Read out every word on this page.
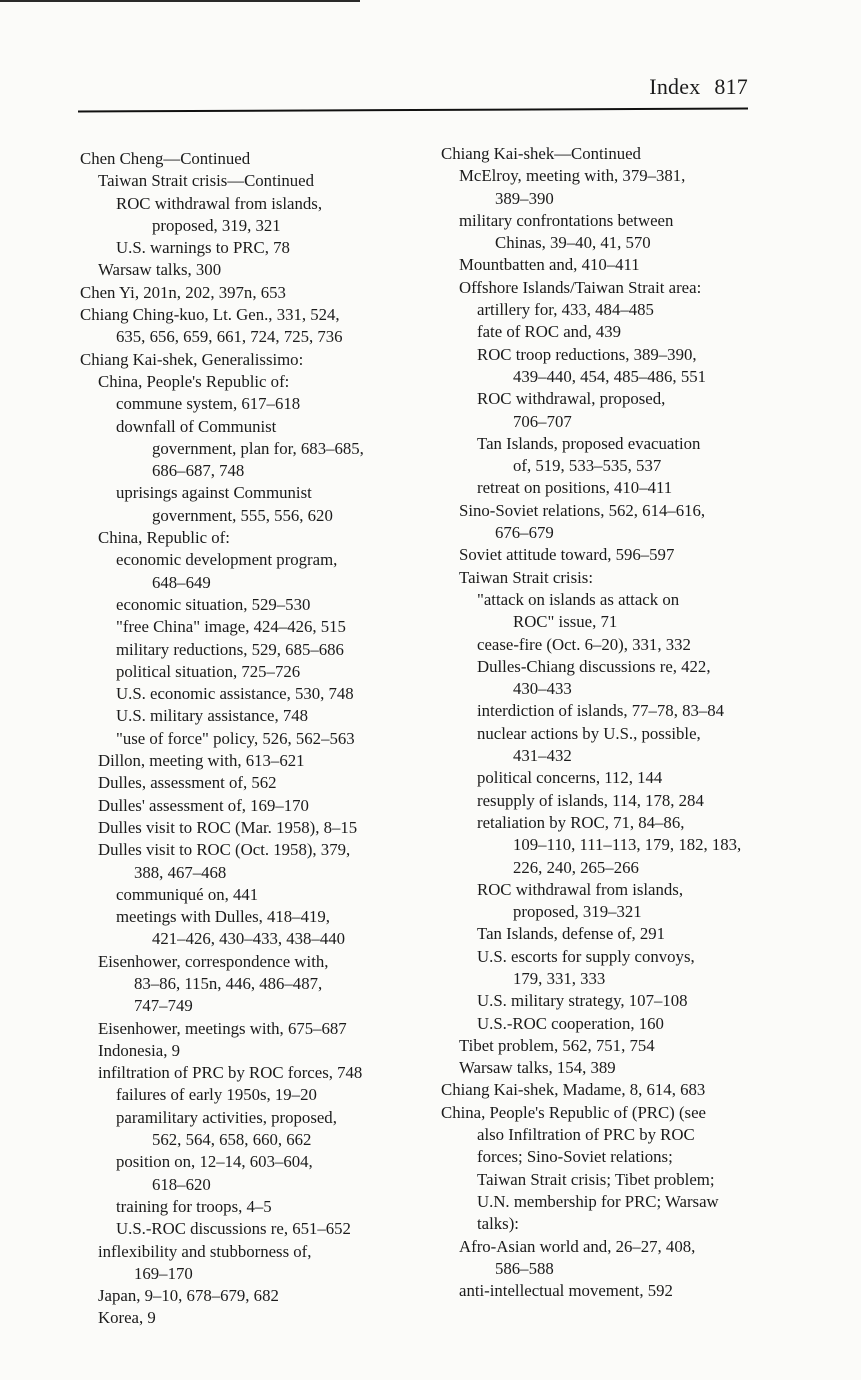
Index 817
Chen Cheng—Continued
Taiwan Strait crisis—Continued
ROC withdrawal from islands,
proposed, 319, 321
U.S. warnings to PRC, 78
Warsaw talks, 300
Chen Yi, 201n, 202, 397n, 653
Chiang Ching-kuo, Lt. Gen., 331, 524,
635, 656, 659, 661, 724, 725, 736
Chiang Kai-shek, Generalissimo:
China, People's Republic of:
commune system, 617–618
downfall of Communist
government, plan for, 683–685,
686–687, 748
uprisings against Communist
government, 555, 556, 620
China, Republic of:
economic development program,
648–649
economic situation, 529–530
"free China" image, 424–426, 515
military reductions, 529, 685–686
political situation, 725–726
U.S. economic assistance, 530, 748
U.S. military assistance, 748
"use of force" policy, 526, 562–563
Dillon, meeting with, 613–621
Dulles, assessment of, 562
Dulles' assessment of, 169–170
Dulles visit to ROC (Mar. 1958), 8–15
Dulles visit to ROC (Oct. 1958), 379,
388, 467–468
communiqué on, 441
meetings with Dulles, 418–419,
421–426, 430–433, 438–440
Eisenhower, correspondence with,
83–86, 115n, 446, 486–487,
747–749
Eisenhower, meetings with, 675–687
Indonesia, 9
infiltration of PRC by ROC forces, 748
failures of early 1950s, 19–20
paramilitary activities, proposed,
562, 564, 658, 660, 662
position on, 12–14, 603–604,
618–620
training for troops, 4–5
U.S.-ROC discussions re, 651–652
inflexibility and stubborness of,
169–170
Japan, 9–10, 678–679, 682
Korea, 9
Chiang Kai-shek—Continued
McElroy, meeting with, 379–381,
389–390
military confrontations between
Chinas, 39–40, 41, 570
Mountbatten and, 410–411
Offshore Islands/Taiwan Strait area:
artillery for, 433, 484–485
fate of ROC and, 439
ROC troop reductions, 389–390,
439–440, 454, 485–486, 551
ROC withdrawal, proposed,
706–707
Tan Islands, proposed evacuation
of, 519, 533–535, 537
retreat on positions, 410–411
Sino-Soviet relations, 562, 614–616,
676–679
Soviet attitude toward, 596–597
Taiwan Strait crisis:
"attack on islands as attack on
ROC" issue, 71
cease-fire (Oct. 6–20), 331, 332
Dulles-Chiang discussions re, 422,
430–433
interdiction of islands, 77–78, 83–84
nuclear actions by U.S., possible,
431–432
political concerns, 112, 144
resupply of islands, 114, 178, 284
retaliation by ROC, 71, 84–86,
109–110, 111–113, 179, 182, 183,
226, 240, 265–266
ROC withdrawal from islands,
proposed, 319–321
Tan Islands, defense of, 291
U.S. escorts for supply convoys,
179, 331, 333
U.S. military strategy, 107–108
U.S.-ROC cooperation, 160
Tibet problem, 562, 751, 754
Warsaw talks, 154, 389
Chiang Kai-shek, Madame, 8, 614, 683
China, People's Republic of (PRC) (see
also Infiltration of PRC by ROC
forces; Sino-Soviet relations;
Taiwan Strait crisis; Tibet problem;
U.N. membership for PRC; Warsaw
talks):
Afro-Asian world and, 26–27, 408,
586–588
anti-intellectual movement, 592
